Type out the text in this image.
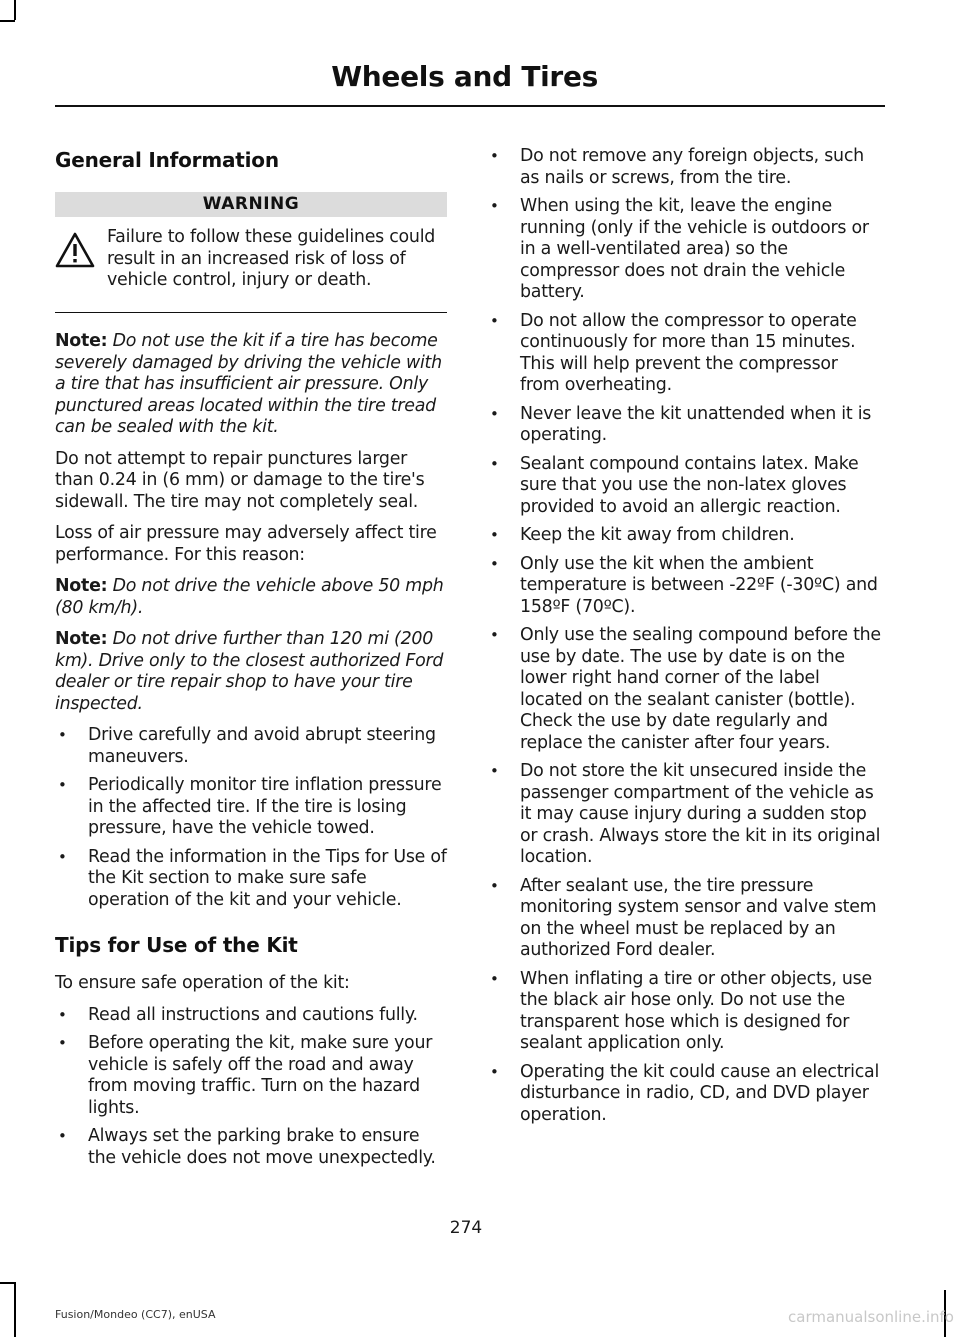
Wheels and Tires
General Information
WARNING

Failure to follow these guidelines could result in an increased risk of loss of vehicle control, injury or death.

Note: Do not use the kit if a tire has become severely damaged by driving the vehicle with a tire that has insufficient air pressure. Only punctured areas located within the tire tread can be sealed with the kit.

Do not attempt to repair punctures larger than 0.24 in (6 mm) or damage to the tire's sidewall. The tire may not completely seal.

Loss of air pressure may adversely affect tire performance. For this reason:

Note: Do not drive the vehicle above 50 mph (80 km/h).

Note: Do not drive further than 120 mi (200 km). Drive only to the closest authorized Ford dealer or tire repair shop to have your tire inspected.

• Drive carefully and avoid abrupt steering maneuvers.
• Periodically monitor tire inflation pressure in the affected tire. If the tire is losing pressure, have the vehicle towed.
• Read the information in the Tips for Use of the Kit section to make sure safe operation of the kit and your vehicle.
Tips for Use of the Kit

To ensure safe operation of the kit:

• Read all instructions and cautions fully.
• Before operating the kit, make sure your vehicle is safely off the road and away from moving traffic. Turn on the hazard lights.
• Always set the parking brake to ensure the vehicle does not move unexpectedly.
• Do not remove any foreign objects, such as nails or screws, from the tire.
• When using the kit, leave the engine running (only if the vehicle is outdoors or in a well-ventilated area) so the compressor does not drain the vehicle battery.
• Do not allow the compressor to operate continuously for more than 15 minutes. This will help prevent the compressor from overheating.
• Never leave the kit unattended when it is operating.
• Sealant compound contains latex. Make sure that you use the non-latex gloves provided to avoid an allergic reaction.
• Keep the kit away from children.
• Only use the kit when the ambient temperature is between -22ºF (-30ºC) and 158ºF (70ºC).
• Only use the sealing compound before the use by date. The use by date is on the lower right hand corner of the label located on the sealant canister (bottle). Check the use by date regularly and replace the canister after four years.
• Do not store the kit unsecured inside the passenger compartment of the vehicle as it may cause injury during a sudden stop or crash. Always store the kit in its original location.
• After sealant use, the tire pressure monitoring system sensor and valve stem on the wheel must be replaced by an authorized Ford dealer.
• When inflating a tire or other objects, use the black air hose only. Do not use the transparent hose which is designed for sealant application only.
• Operating the kit could cause an electrical disturbance in radio, CD, and DVD player operation.
274
Fusion/Mondeo (CC7), enUSA	carmanualsonline.info
